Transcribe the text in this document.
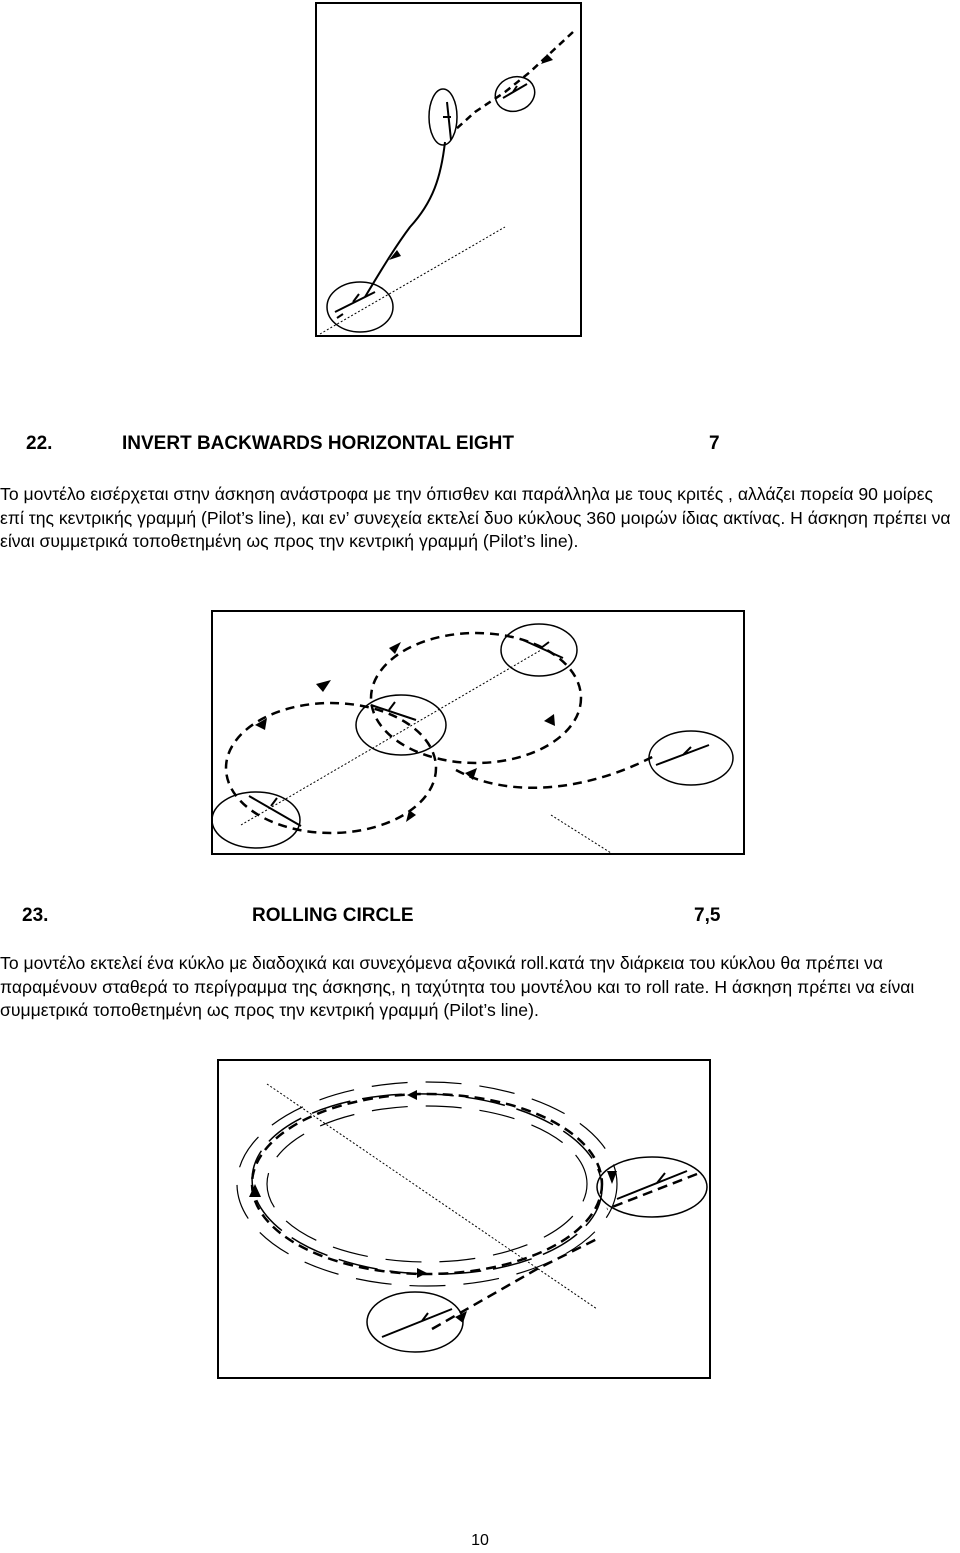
22.	INVERT BACKWARDS HORIZONTAL EIGHT	7

Το μοντέλο εισέρχεται στην άσκηση ανάστροφα με την όπισθεν και παράλληλα με τους κριτές , αλλάζει πορεία 90 μοίρες επί της κεντρικής γραμμή (Pilot’s line), και εν’ συνεχεία εκτελεί δυο κύκλους 360 μοιρών ίδιας ακτίνας. Η άσκηση πρέπει να είναι συμμετρικά τοποθετημένη ως προς την κεντρική γραμμή (Pilot’s line).

23.	ROLLING CIRCLE	7,5

Το μοντέλο εκτελεί ένα κύκλο με διαδοχικά και συνεχόμενα αξονικά roll.κατά την διάρκεια του κύκλου θα πρέπει να παραμένουν σταθερά το περίγραμμα της άσκησης, η ταχύτητα του μοντέλου και το roll rate. Η άσκηση πρέπει να είναι συμμετρικά τοποθετημένη ως προς την κεντρική γραμμή (Pilot’s line).

10
